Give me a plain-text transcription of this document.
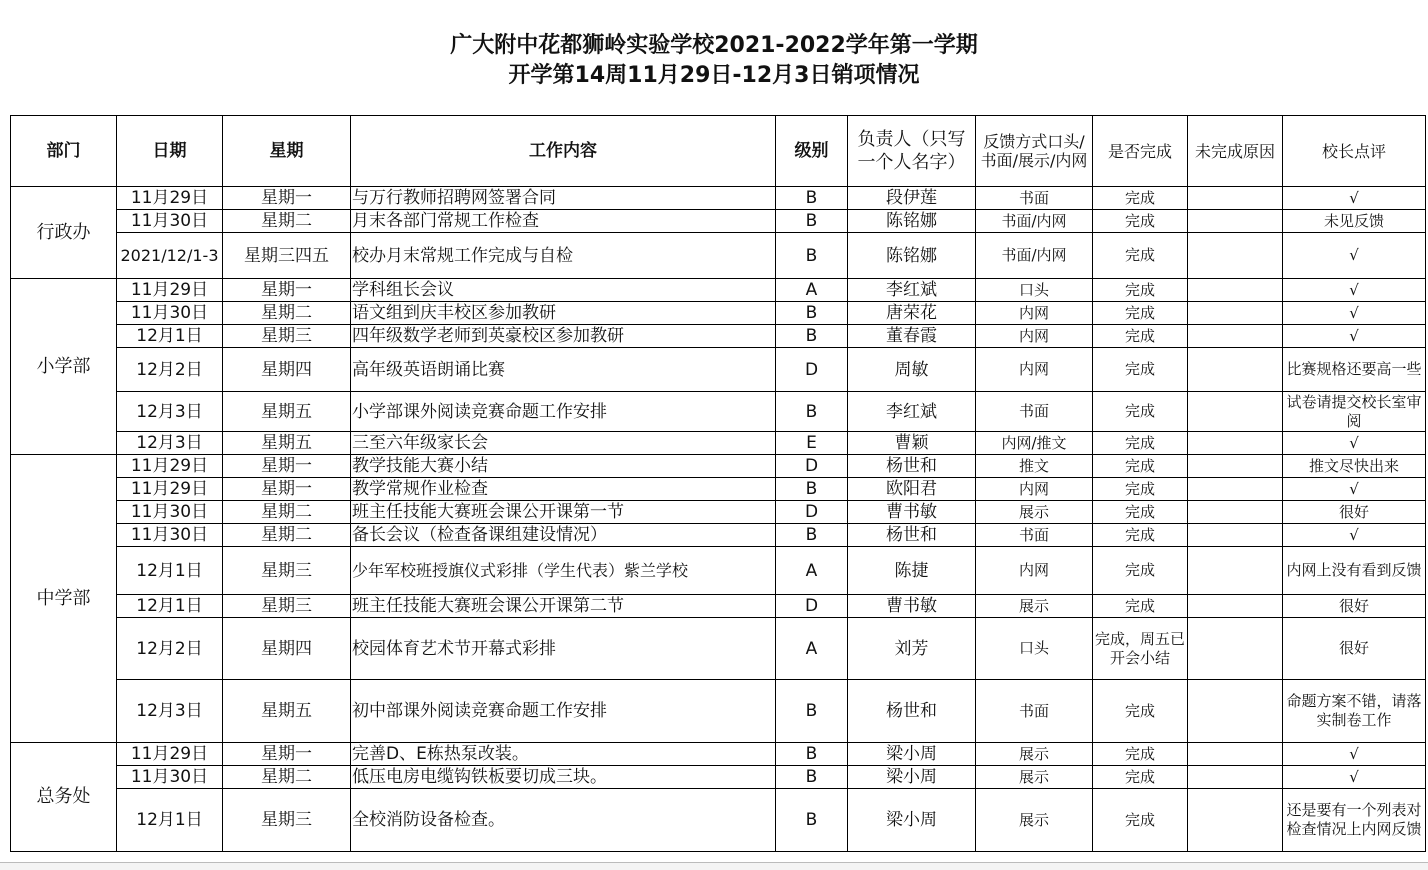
广大附中花都狮岭实验学校2021-2022学年第一学期
开学第14周11月29日-12月3日销项情况
部门	日期	星期	工作内容	级别	负责人（只写一个人名字）	反馈方式口头/书面/展示/内网	是否完成	未完成原因	校长点评
行政办	11月29日	星期一	与万行教师招聘网签署合同	B	段伊莲	书面	完成		√
	11月30日	星期二	月末各部门常规工作检查	B	陈铭娜	书面/内网	完成		未见反馈
	2021/12/1-3	星期三四五	校办月末常规工作完成与自检	B	陈铭娜	书面/内网	完成		√
小学部	11月29日	星期一	学科组长会议	A	李红斌	口头	完成		√
	11月30日	星期二	语文组到庆丰校区参加教研	B	唐荣花	内网	完成		√
	12月1日	星期三	四年级数学老师到英豪校区参加教研	B	董春霞	内网	完成		√
	12月2日	星期四	高年级英语朗诵比赛	D	周敏	内网	完成		比赛规格还要高一些
	12月3日	星期五	小学部课外阅读竞赛命题工作安排	B	李红斌	书面	完成		试卷请提交校长室审阅
	12月3日	星期五	三至六年级家长会	E	曹颖	内网/推文	完成		√
中学部	11月29日	星期一	教学技能大赛小结	D	杨世和	推文	完成		推文尽快出来
	11月29日	星期一	教学常规作业检查	B	欧阳君	内网	完成		√
	11月30日	星期二	班主任技能大赛班会课公开课第一节	D	曹书敏	展示	完成		很好
	11月30日	星期二	备长会议（检查备课组建设情况）	B	杨世和	书面	完成		√
	12月1日	星期三	少年军校班授旗仪式彩排（学生代表）紫兰学校	A	陈捷	内网	完成		内网上没有看到反馈
	12月1日	星期三	班主任技能大赛班会课公开课第二节	D	曹书敏	展示	完成		很好
	12月2日	星期四	校园体育艺术节开幕式彩排	A	刘芳	口头	完成，周五已开会小结		很好
	12月3日	星期五	初中部课外阅读竞赛命题工作安排	B	杨世和	书面	完成		命题方案不错，请落实制卷工作
总务处	11月29日	星期一	完善D、E栋热泵改装。	B	梁小周	展示	完成		√
	11月30日	星期二	低压电房电缆钩铁板要切成三块。	B	梁小周	展示	完成		√
	12月1日	星期三	全校消防设备检查。	B	梁小周	展示	完成		还是要有一个列表对检查情况上内网反馈
